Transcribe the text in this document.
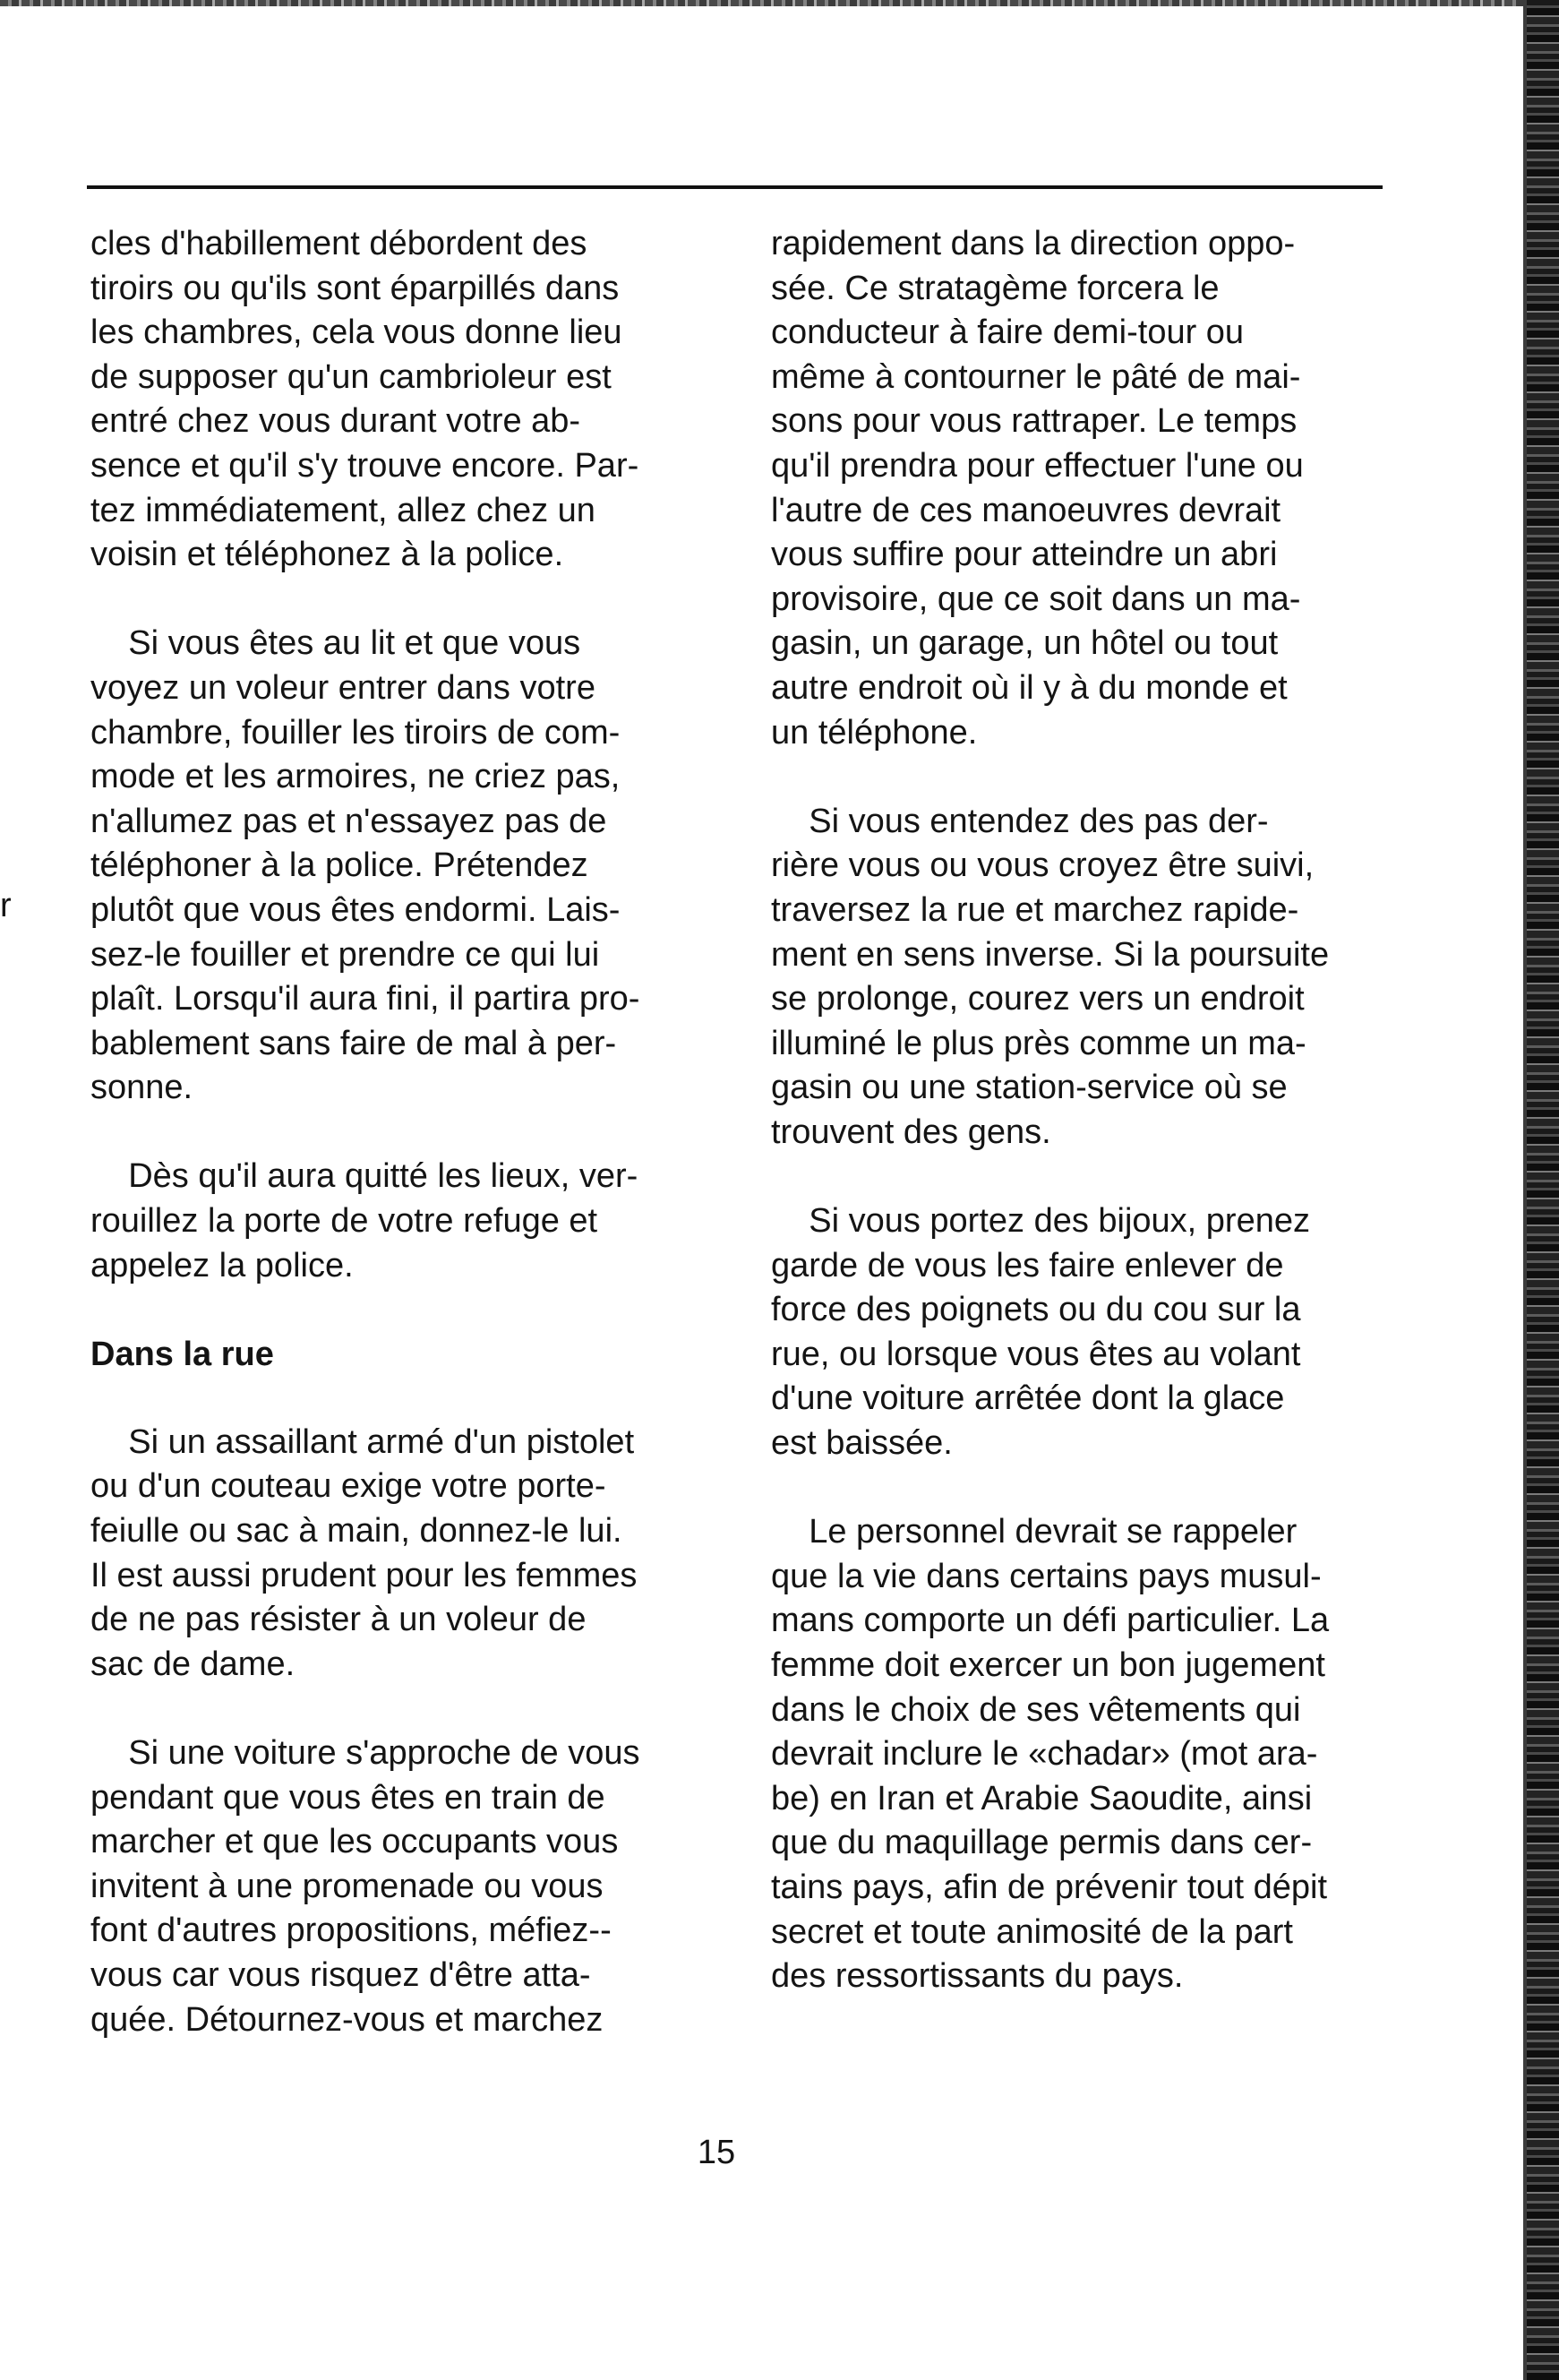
r
cles d'habillement débordent des
tiroirs ou qu'ils sont éparpillés dans
les chambres, cela vous donne lieu
de supposer qu'un cambrioleur est
entré chez vous durant votre ab-
sence et qu'il s'y trouve encore. Par-
tez immédiatement, allez chez un
voisin et téléphonez à la police.
Si vous êtes au lit et que vous
voyez un voleur entrer dans votre
chambre, fouiller les tiroirs de com-
mode et les armoires, ne criez pas,
n'allumez pas et n'essayez pas de
téléphoner à la police. Prétendez
plutôt que vous êtes endormi. Lais-
sez-le fouiller et prendre ce qui lui
plaît. Lorsqu'il aura fini, il partira pro-
bablement sans faire de mal à per-
sonne.
Dès qu'il aura quitté les lieux, ver-
rouillez la porte de votre refuge et
appelez la police.
Dans la rue
Si un assaillant armé d'un pistolet
ou d'un couteau exige votre porte-
feiulle ou sac à main, donnez-le lui.
Il est aussi prudent pour les femmes
de ne pas résister à un voleur de
sac de dame.
Si une voiture s'approche de vous
pendant que vous êtes en train de
marcher et que les occupants vous
invitent à une promenade ou vous
font d'autres propositions, méfiez--
vous car vous risquez d'être atta-
quée. Détournez-vous et marchez
rapidement dans la direction oppo-
sée. Ce stratagème forcera le
conducteur à faire demi-tour ou
même à contourner le pâté de mai-
sons pour vous rattraper. Le temps
qu'il prendra pour effectuer l'une ou
l'autre de ces manoeuvres devrait
vous suffire pour atteindre un abri
provisoire, que ce soit dans un ma-
gasin, un garage, un hôtel ou tout
autre endroit où il y à du monde et
un téléphone.
Si vous entendez des pas der-
rière vous ou vous croyez être suivi,
traversez la rue et marchez rapide-
ment en sens inverse. Si la poursuite
se prolonge, courez vers un endroit
illuminé le plus près comme un ma-
gasin ou une station-service où se
trouvent des gens.
Si vous portez des bijoux, prenez
garde de vous les faire enlever de
force des poignets ou du cou sur la
rue, ou lorsque vous êtes au volant
d'une voiture arrêtée dont la glace
est baissée.
Le personnel devrait se rappeler
que la vie dans certains pays musul-
mans comporte un défi particulier. La
femme doit exercer un bon jugement
dans le choix de ses vêtements qui
devrait inclure le «chadar» (mot ara-
be) en Iran et Arabie Saoudite, ainsi
que du maquillage permis dans cer-
tains pays, afin de prévenir tout dépit
secret et toute animosité de la part
des ressortissants du pays.
15
